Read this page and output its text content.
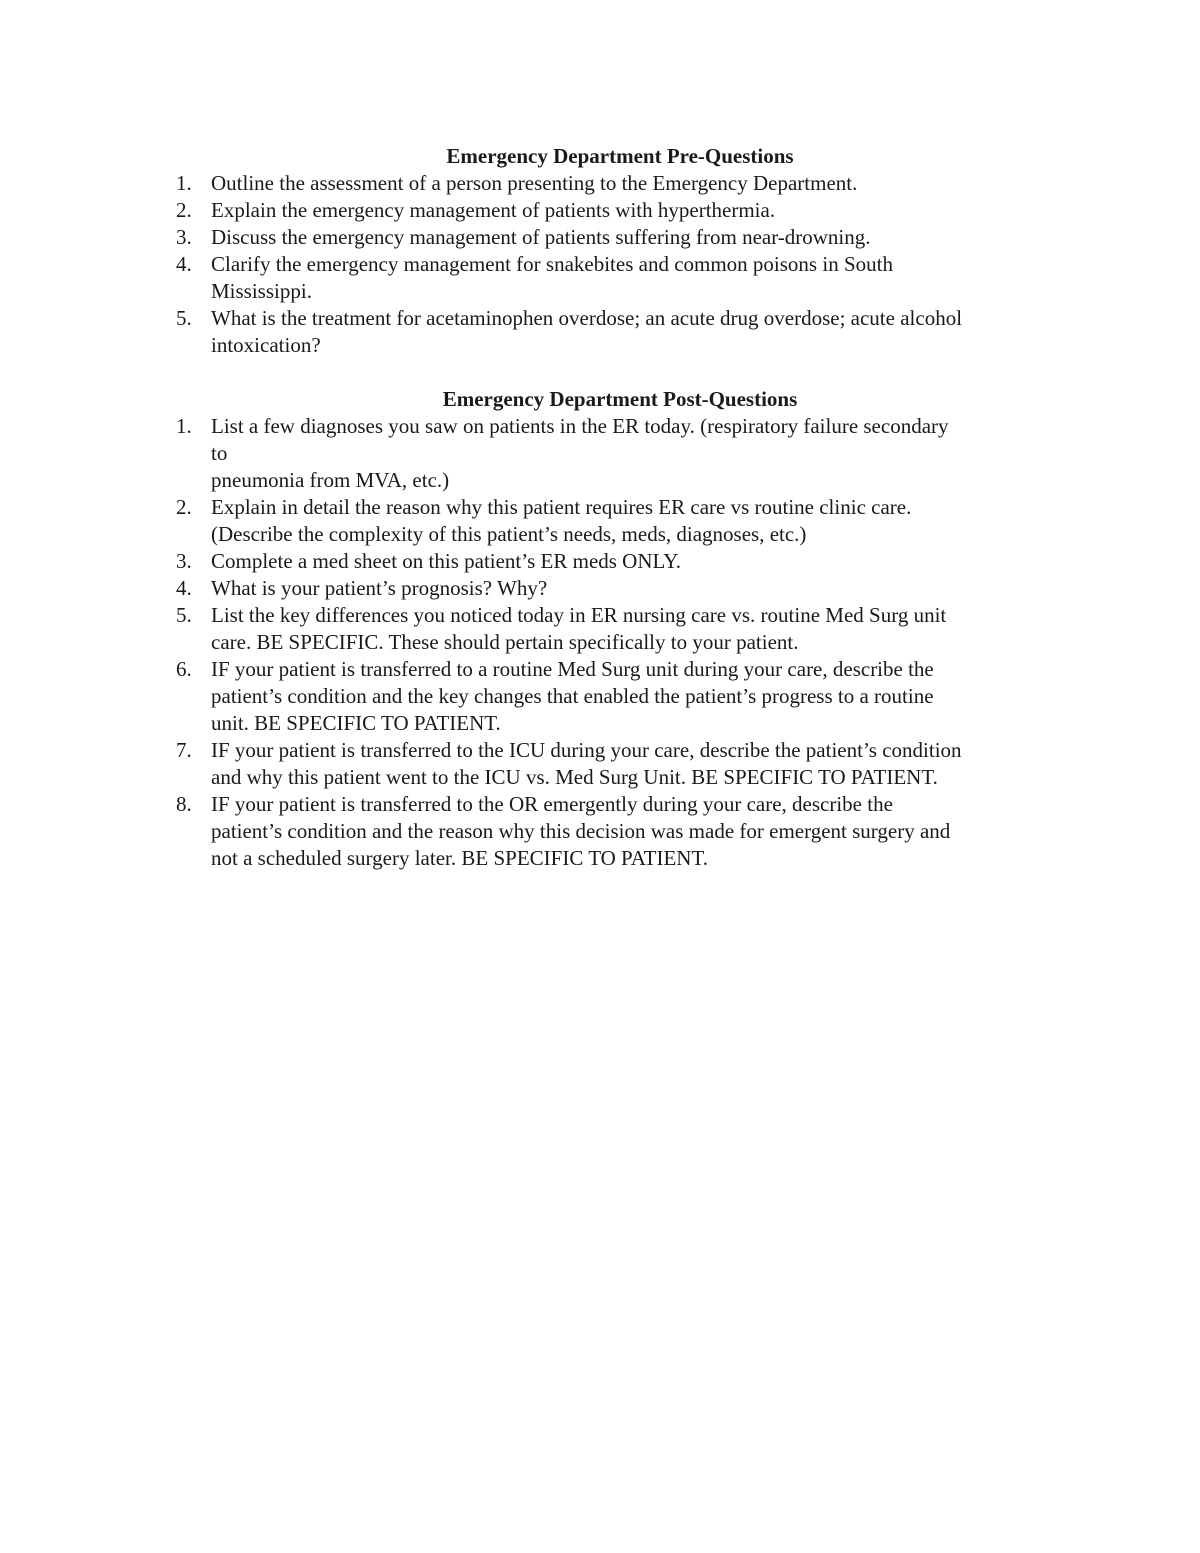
Emergency Department Pre-Questions
1. Outline the assessment of a person presenting to the Emergency Department.
2. Explain the emergency management of patients with hyperthermia.
3. Discuss the emergency management of patients suffering from near-drowning.
4. Clarify the emergency management for snakebites and common poisons in South
Mississippi.
5. What is the treatment for acetaminophen overdose; an acute drug overdose; acute alcohol
intoxication?
Emergency Department Post-Questions
1. List a few diagnoses you saw on patients in the ER today. (respiratory failure secondary
to
pneumonia from MVA, etc.)
2. Explain in detail the reason why this patient requires ER care vs routine clinic care.
(Describe the complexity of this patient’s needs, meds, diagnoses, etc.)
3. Complete a med sheet on this patient’s ER meds ONLY.
4. What is your patient’s prognosis? Why?
5. List the key differences you noticed today in ER nursing care vs. routine Med Surg unit
care. BE SPECIFIC. These should pertain specifically to your patient.
6. IF your patient is transferred to a routine Med Surg unit during your care, describe the
patient’s condition and the key changes that enabled the patient’s progress to a routine
unit. BE SPECIFIC TO PATIENT.
7. IF your patient is transferred to the ICU during your care, describe the patient’s condition
and why this patient went to the ICU vs. Med Surg Unit. BE SPECIFIC TO PATIENT.
8. IF your patient is transferred to the OR emergently during your care, describe the
patient’s condition and the reason why this decision was made for emergent surgery and
not a scheduled surgery later. BE SPECIFIC TO PATIENT.
